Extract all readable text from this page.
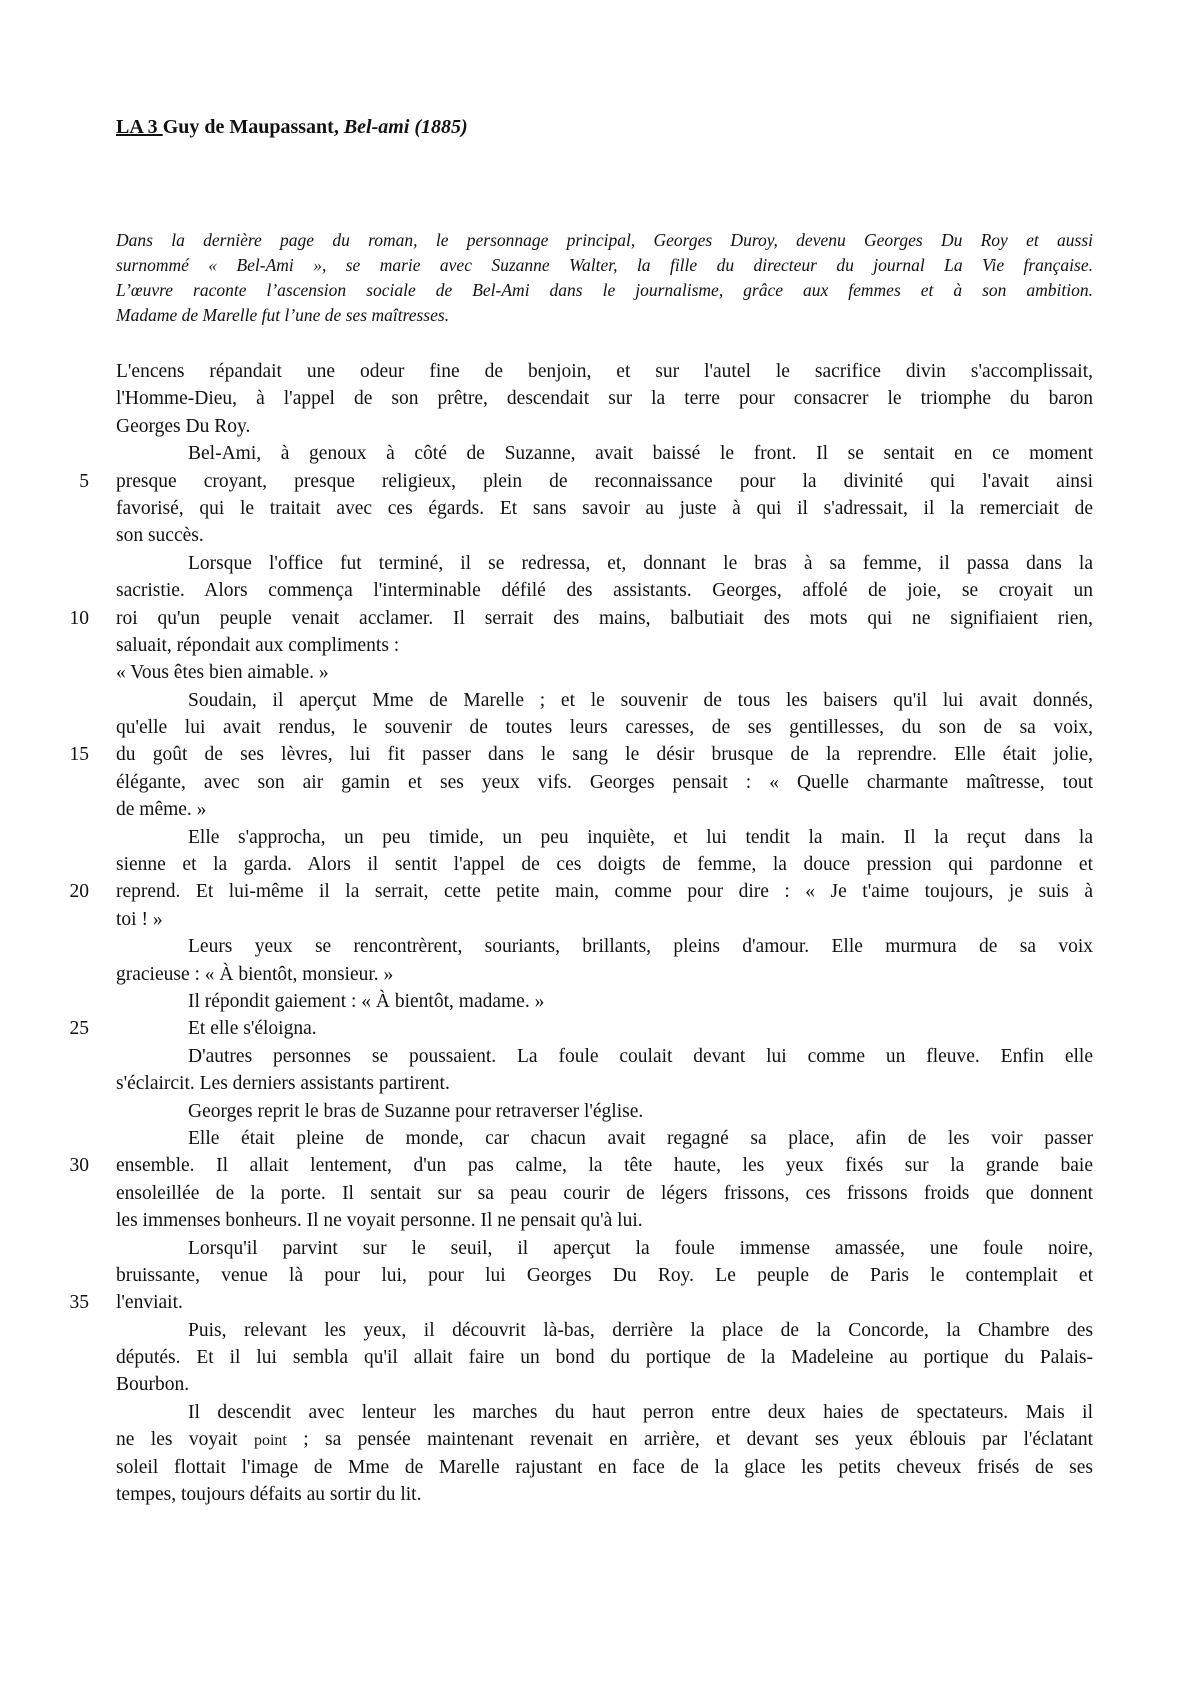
LA 3 Guy de Maupassant, Bel-ami (1885)
Dans la dernière page du roman, le personnage principal, Georges Duroy, devenu Georges Du Roy et aussi
surnommé « Bel-Ami », se marie avec Suzanne Walter, la fille du directeur du journal La Vie française.
L’œuvre raconte l’ascension sociale de Bel-Ami dans le journalisme, grâce aux femmes et à son ambition.
Madame de Marelle fut l’une de ses maîtresses.
L'encens répandait une odeur fine de benjoin, et sur l'autel le sacrifice divin s'accomplissait,
l'Homme-Dieu, à l'appel de son prêtre, descendait sur la terre pour consacrer le triomphe du baron
Georges Du Roy.
Bel-Ami, à genoux à côté de Suzanne, avait baissé le front. Il se sentait en ce moment
5 presque croyant, presque religieux, plein de reconnaissance pour la divinité qui l'avait ainsi
favorisé, qui le traitait avec ces égards. Et sans savoir au juste à qui il s'adressait, il la remerciait de
son succès.
Lorsque l'office fut terminé, il se redressa, et, donnant le bras à sa femme, il passa dans la
sacristie. Alors commença l'interminable défilé des assistants. Georges, affolé de joie, se croyait un
10 roi qu'un peuple venait acclamer. Il serrait des mains, balbutiait des mots qui ne signifiaient rien,
saluait, répondait aux compliments :
« Vous êtes bien aimable. »
Soudain, il aperçut Mme de Marelle ; et le souvenir de tous les baisers qu'il lui avait donnés,
qu'elle lui avait rendus, le souvenir de toutes leurs caresses, de ses gentillesses, du son de sa voix,
15 du goût de ses lèvres, lui fit passer dans le sang le désir brusque de la reprendre. Elle était jolie,
élégante, avec son air gamin et ses yeux vifs. Georges pensait : « Quelle charmante maîtresse, tout
de même. »
Elle s'approcha, un peu timide, un peu inquiète, et lui tendit la main. Il la reçut dans la
sienne et la garda. Alors il sentit l'appel de ces doigts de femme, la douce pression qui pardonne et
20 reprend. Et lui-même il la serrait, cette petite main, comme pour dire : « Je t'aime toujours, je suis à
toi ! »
Leurs yeux se rencontrèrent, souriants, brillants, pleins d'amour. Elle murmura de sa voix
gracieuse : « À bientôt, monsieur. »
Il répondit gaiement : « À bientôt, madame. »
25	Et elle s'éloigna.
D'autres personnes se poussaient. La foule coulait devant lui comme un fleuve. Enfin elle
s'éclaircit. Les derniers assistants partirent.
Georges reprit le bras de Suzanne pour retraverser l'église.
Elle était pleine de monde, car chacun avait regagné sa place, afin de les voir passer
30 ensemble. Il allait lentement, d'un pas calme, la tête haute, les yeux fixés sur la grande baie
ensoleillée de la porte. Il sentait sur sa peau courir de légers frissons, ces frissons froids que donnent
les immenses bonheurs. Il ne voyait personne. Il ne pensait qu'à lui.
Lorsqu'il parvint sur le seuil, il aperçut la foule immense amassée, une foule noire,
bruissante, venue là pour lui, pour lui Georges Du Roy. Le peuple de Paris le contemplait et
35 l'enviait.
Puis, relevant les yeux, il découvrit là-bas, derrière la place de la Concorde, la Chambre des
députés. Et il lui sembla qu'il allait faire un bond du portique de la Madeleine au portique du Palais-
Bourbon.
Il descendit avec lenteur les marches du haut perron entre deux haies de spectateurs. Mais il
ne les voyait point ; sa pensée maintenant revenait en arrière, et devant ses yeux éblouis par l'éclatant
soleil flottait l'image de Mme de Marelle rajustant en face de la glace les petits cheveux frisés de ses
tempes, toujours défaits au sortir du lit.
